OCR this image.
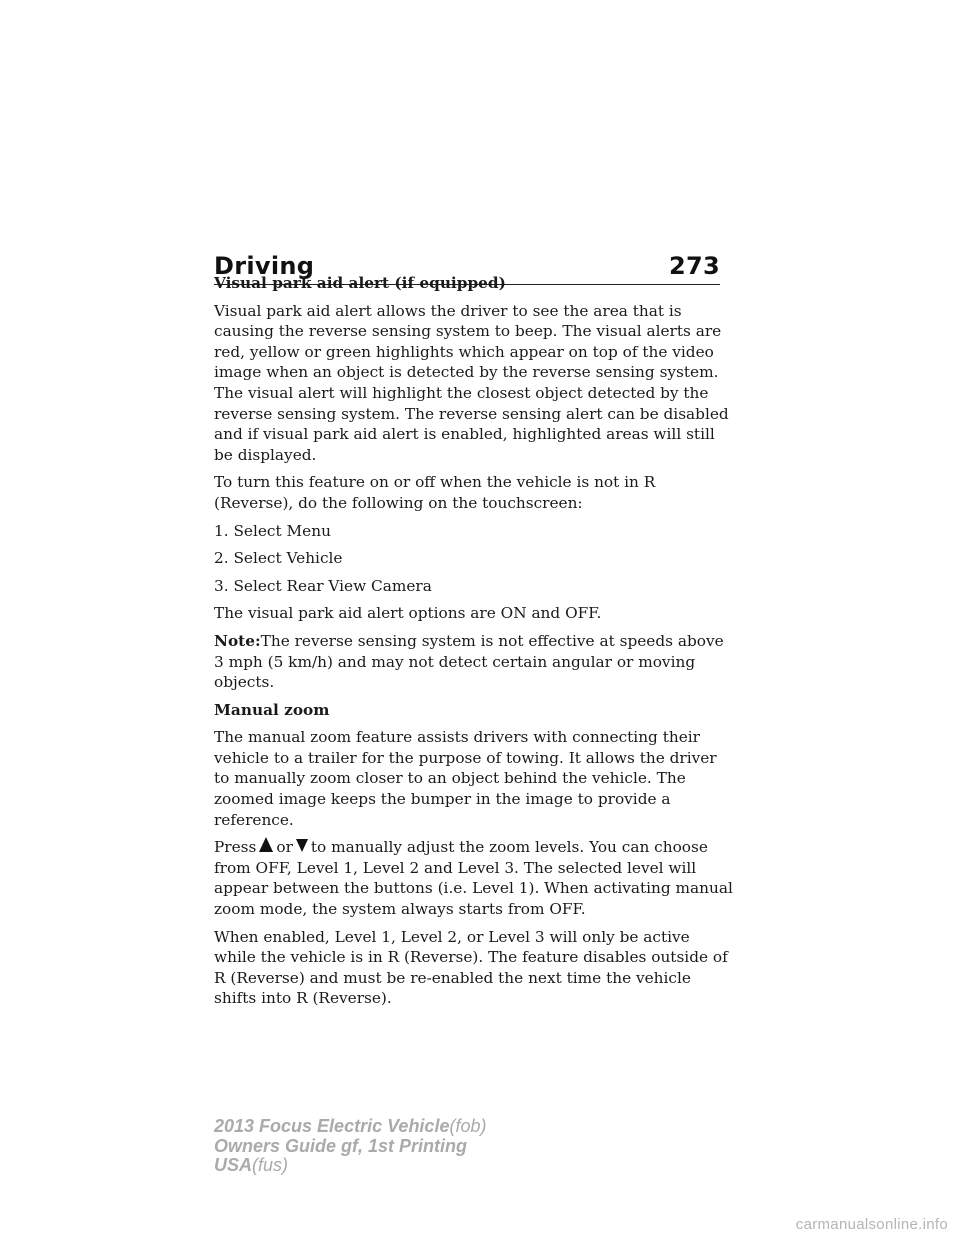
Driving	273
Visual park aid alert (if equipped)

Visual park aid alert allows the driver to see the area that is causing the reverse sensing system to beep. The visual alerts are red, yellow or green highlights which appear on top of the video image when an object is detected by the reverse sensing system. The visual alert will highlight the closest object detected by the reverse sensing system. The reverse sensing alert can be disabled and if visual park aid alert is enabled, highlighted areas will still be displayed.

To turn this feature on or off when the vehicle is not in R (Reverse), do the following on the touchscreen:

1. Select Menu

2. Select Vehicle

3. Select Rear View Camera

The visual park aid alert options are ON and OFF.

Note:The reverse sensing system is not effective at speeds above 3 mph (5 km/h) and may not detect certain angular or moving objects.

Manual zoom

The manual zoom feature assists drivers with connecting their vehicle to a trailer for the purpose of towing. It allows the driver to manually zoom closer to an object behind the vehicle. The zoomed image keeps the bumper in the image to provide a reference.

Press or to manually adjust the zoom levels. You can choose from OFF, Level 1, Level 2 and Level 3. The selected level will appear between the buttons (i.e. Level 1). When activating manual zoom mode, the system always starts from OFF.

When enabled, Level 1, Level 2, or Level 3 will only be active while the vehicle is in R (Reverse). The feature disables outside of R (Reverse) and must be re-enabled the next time the vehicle shifts into R (Reverse).

2013 Focus Electric Vehicle(fob)
Owners Guide gf, 1st Printing
USA(fus)
carmanualsonline.info
